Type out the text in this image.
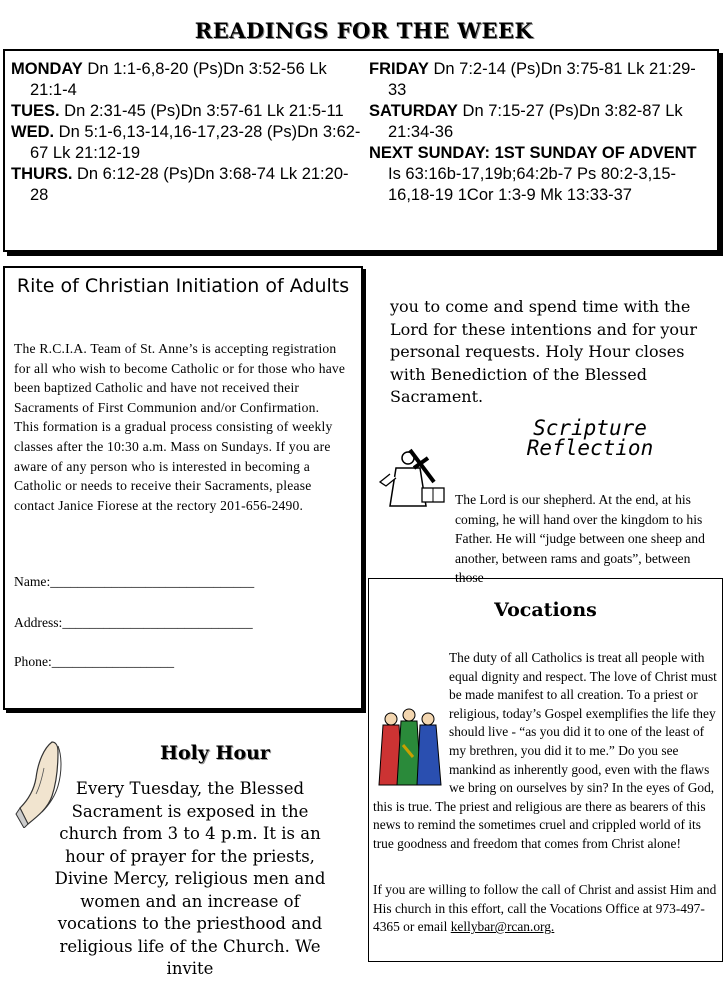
READINGS FOR THE WEEK
MONDAY Dn 1:1-6,8-20 (Ps)Dn 3:52-56 Lk 21:1-4
TUES. Dn 2:31-45 (Ps)Dn 3:57-61 Lk 21:5-11
WED. Dn 5:1-6,13-14,16-17,23-28 (Ps)Dn 3:62-67 Lk 21:12-19
THURS. Dn 6:12-28 (Ps)Dn 3:68-74 Lk 21:20-28
FRIDAY Dn 7:2-14 (Ps)Dn 3:75-81 Lk 21:29-33
SATURDAY Dn 7:15-27 (Ps)Dn 3:82-87 Lk 21:34-36
NEXT SUNDAY: 1ST SUNDAY OF ADVENT Is 63:16b-17,19b;64:2b-7 Ps 80:2-3,15-16,18-19 1Cor 1:3-9 Mk 13:33-37
Rite of Christian Initiation of Adults
The R.C.I.A. Team of St. Anne’s is accepting registration for all who wish to become Catholic or for those who have been baptized Catholic and have not received their Sacraments of First Communion and/or Confirmation.
This formation is a gradual process consisting of weekly classes after the 10:30 a.m. Mass on Sundays. If you are aware of any person who is interested in becoming a Catholic or needs to receive their Sacraments, please contact Janice Fiorese at the rectory 201-656-2490.
Name:______________________________
Address:____________________________
Phone:__________________
Holy Hour
Every Tuesday, the Blessed Sacrament is exposed in the church from 3 to 4 p.m. It is an hour of prayer for the priests, Divine Mercy, religious men and women and an increase of vocations to the priesthood and religious life of the Church. We invite
you to come and spend time with the Lord for these intentions and for your personal requests. Holy Hour closes with Benediction of the Blessed Sacrament.
Scripture Reflection
The Lord is our shepherd. At the end, at his coming, he will hand over the kingdom to his Father. He will “judge between one sheep and another, between rams and goats”, between those
Vocations
The duty of all Catholics is treat all people with equal dignity and respect. The love of Christ must be made manifest to all creation. To a priest or religious, today’s Gospel exemplifies the life they should live - “as you did it to one of the least of my brethren, you did it to me.” Do you see mankind as inherently good, even with the flaws we bring on ourselves by sin? In the eyes of God, this is true. The priest and religious are there as bearers of this news to remind the sometimes cruel and crippled world of its true goodness and freedom that comes from Christ alone!
If you are willing to follow the call of Christ and assist Him and His church in this effort, call the Vocations Office at 973-497-4365 or email kellybar@rcan.org.
